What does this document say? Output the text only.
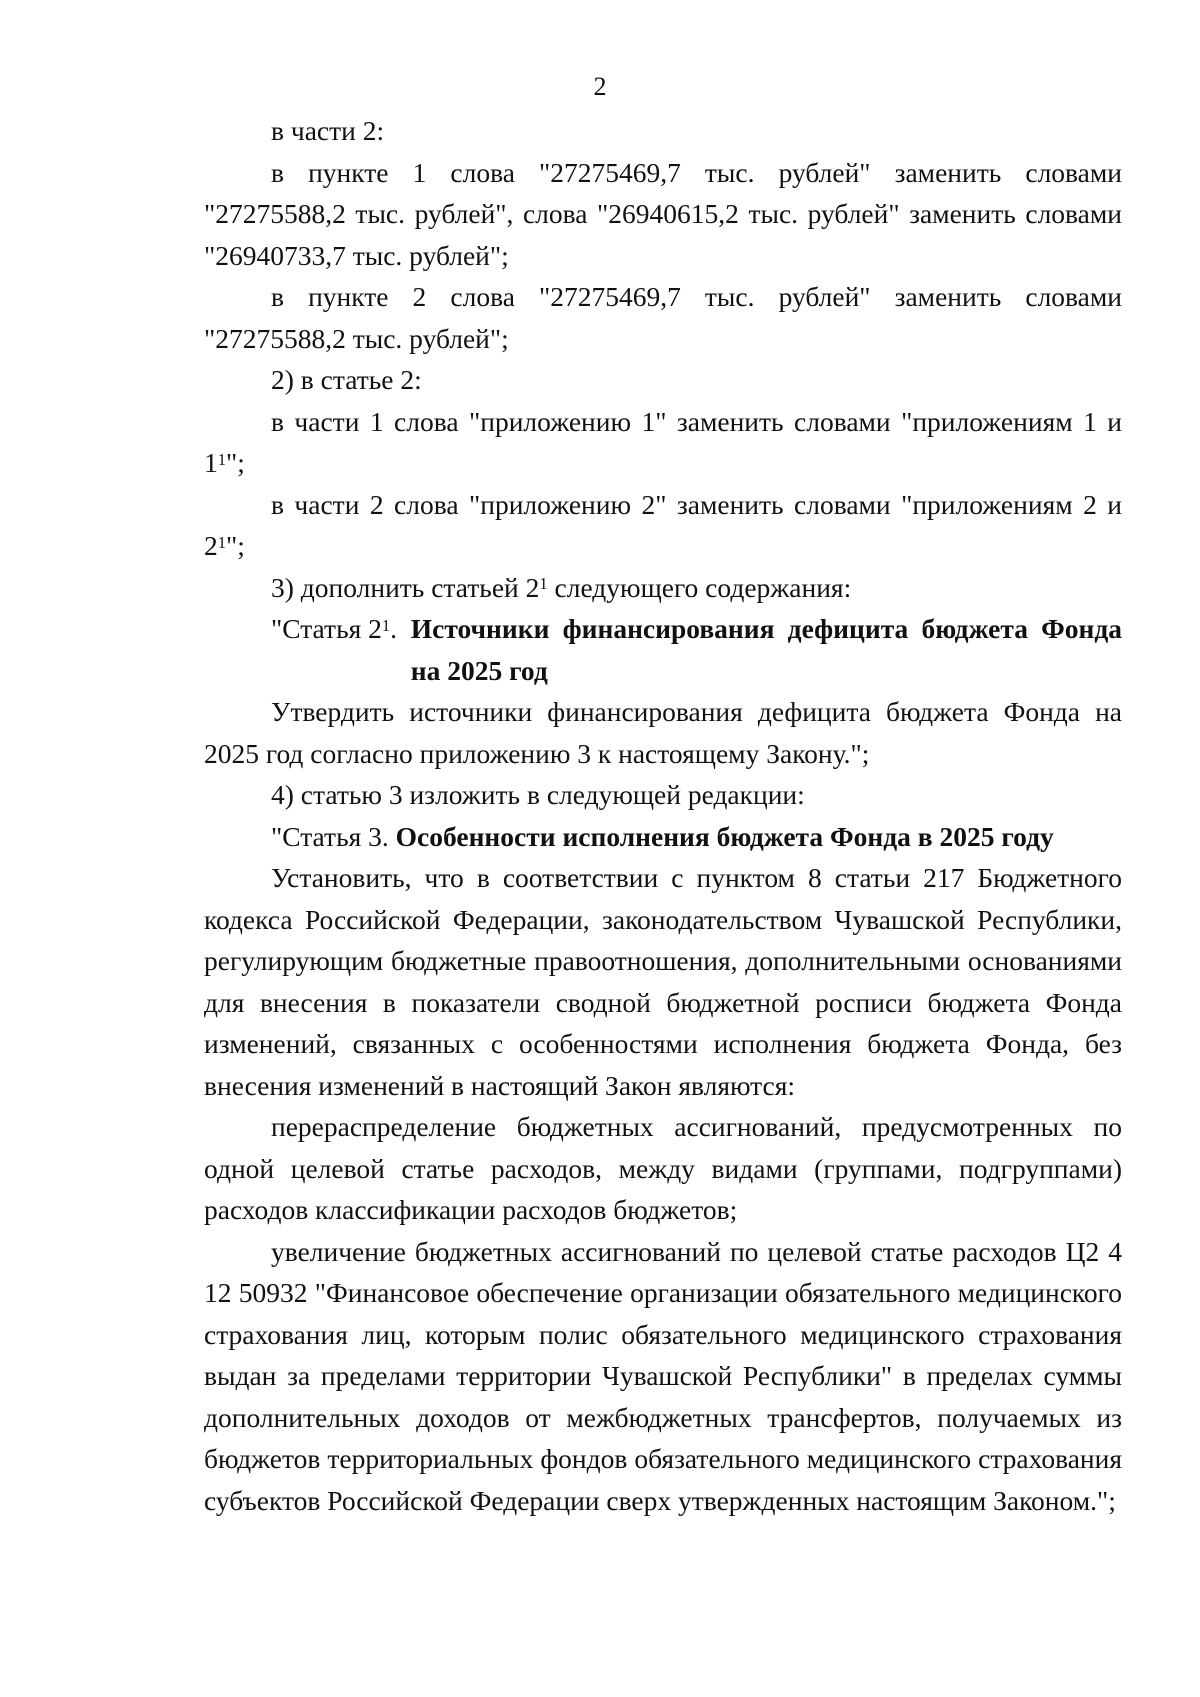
2

в части 2:

в пункте 1 слова "27275469,7 тыс. рублей" заменить словами "27275588,2 тыс. рублей", слова "26940615,2 тыс. рублей" заменить словами "26940733,7 тыс. рублей";

в пункте 2 слова "27275469,7 тыс. рублей" заменить словами "27275588,2 тыс. рублей";

2) в статье 2:

в части 1 слова "приложению 1" заменить словами "приложениям 1 и $1^1$";

в части 2 слова "приложению 2" заменить словами "приложениям 2 и $2^1$";

3) дополнить статьей $2^1$ следующего содержания:

"Статья $2^1$. Источники финансирования дефицита бюджета Фонда на 2025 год

Утвердить источники финансирования дефицита бюджета Фонда на 2025 год согласно приложению 3 к настоящему Закону.";

4) статью 3 изложить в следующей редакции:

"Статья 3. Особенности исполнения бюджета Фонда в 2025 году

Установить, что в соответствии с пунктом 8 статьи 217 Бюджетного кодекса Российской Федерации, законодательством Чувашской Республики, регулирующим бюджетные правоотношения, дополнительными основаниями для внесения в показатели сводной бюджетной росписи бюджета Фонда изменений, связанных с особенностями исполнения бюджета Фонда, без внесения изменений в настоящий Закон являются:

перераспределение бюджетных ассигнований, предусмотренных по одной целевой статье расходов, между видами (группами, подгруппами) расходов классификации расходов бюджетов;

увеличение бюджетных ассигнований по целевой статье расходов Ц2 4 12 50932 "Финансовое обеспечение организации обязательного медицинского страхования лиц, которым полис обязательного медицинского страхования выдан за пределами территории Чувашской Республики" в пределах суммы дополнительных доходов от межбюджетных трансфертов, получаемых из бюджетов территориальных фондов обязательного медицинского страхования субъектов Российской Федерации сверх утвержденных настоящим Законом.";
